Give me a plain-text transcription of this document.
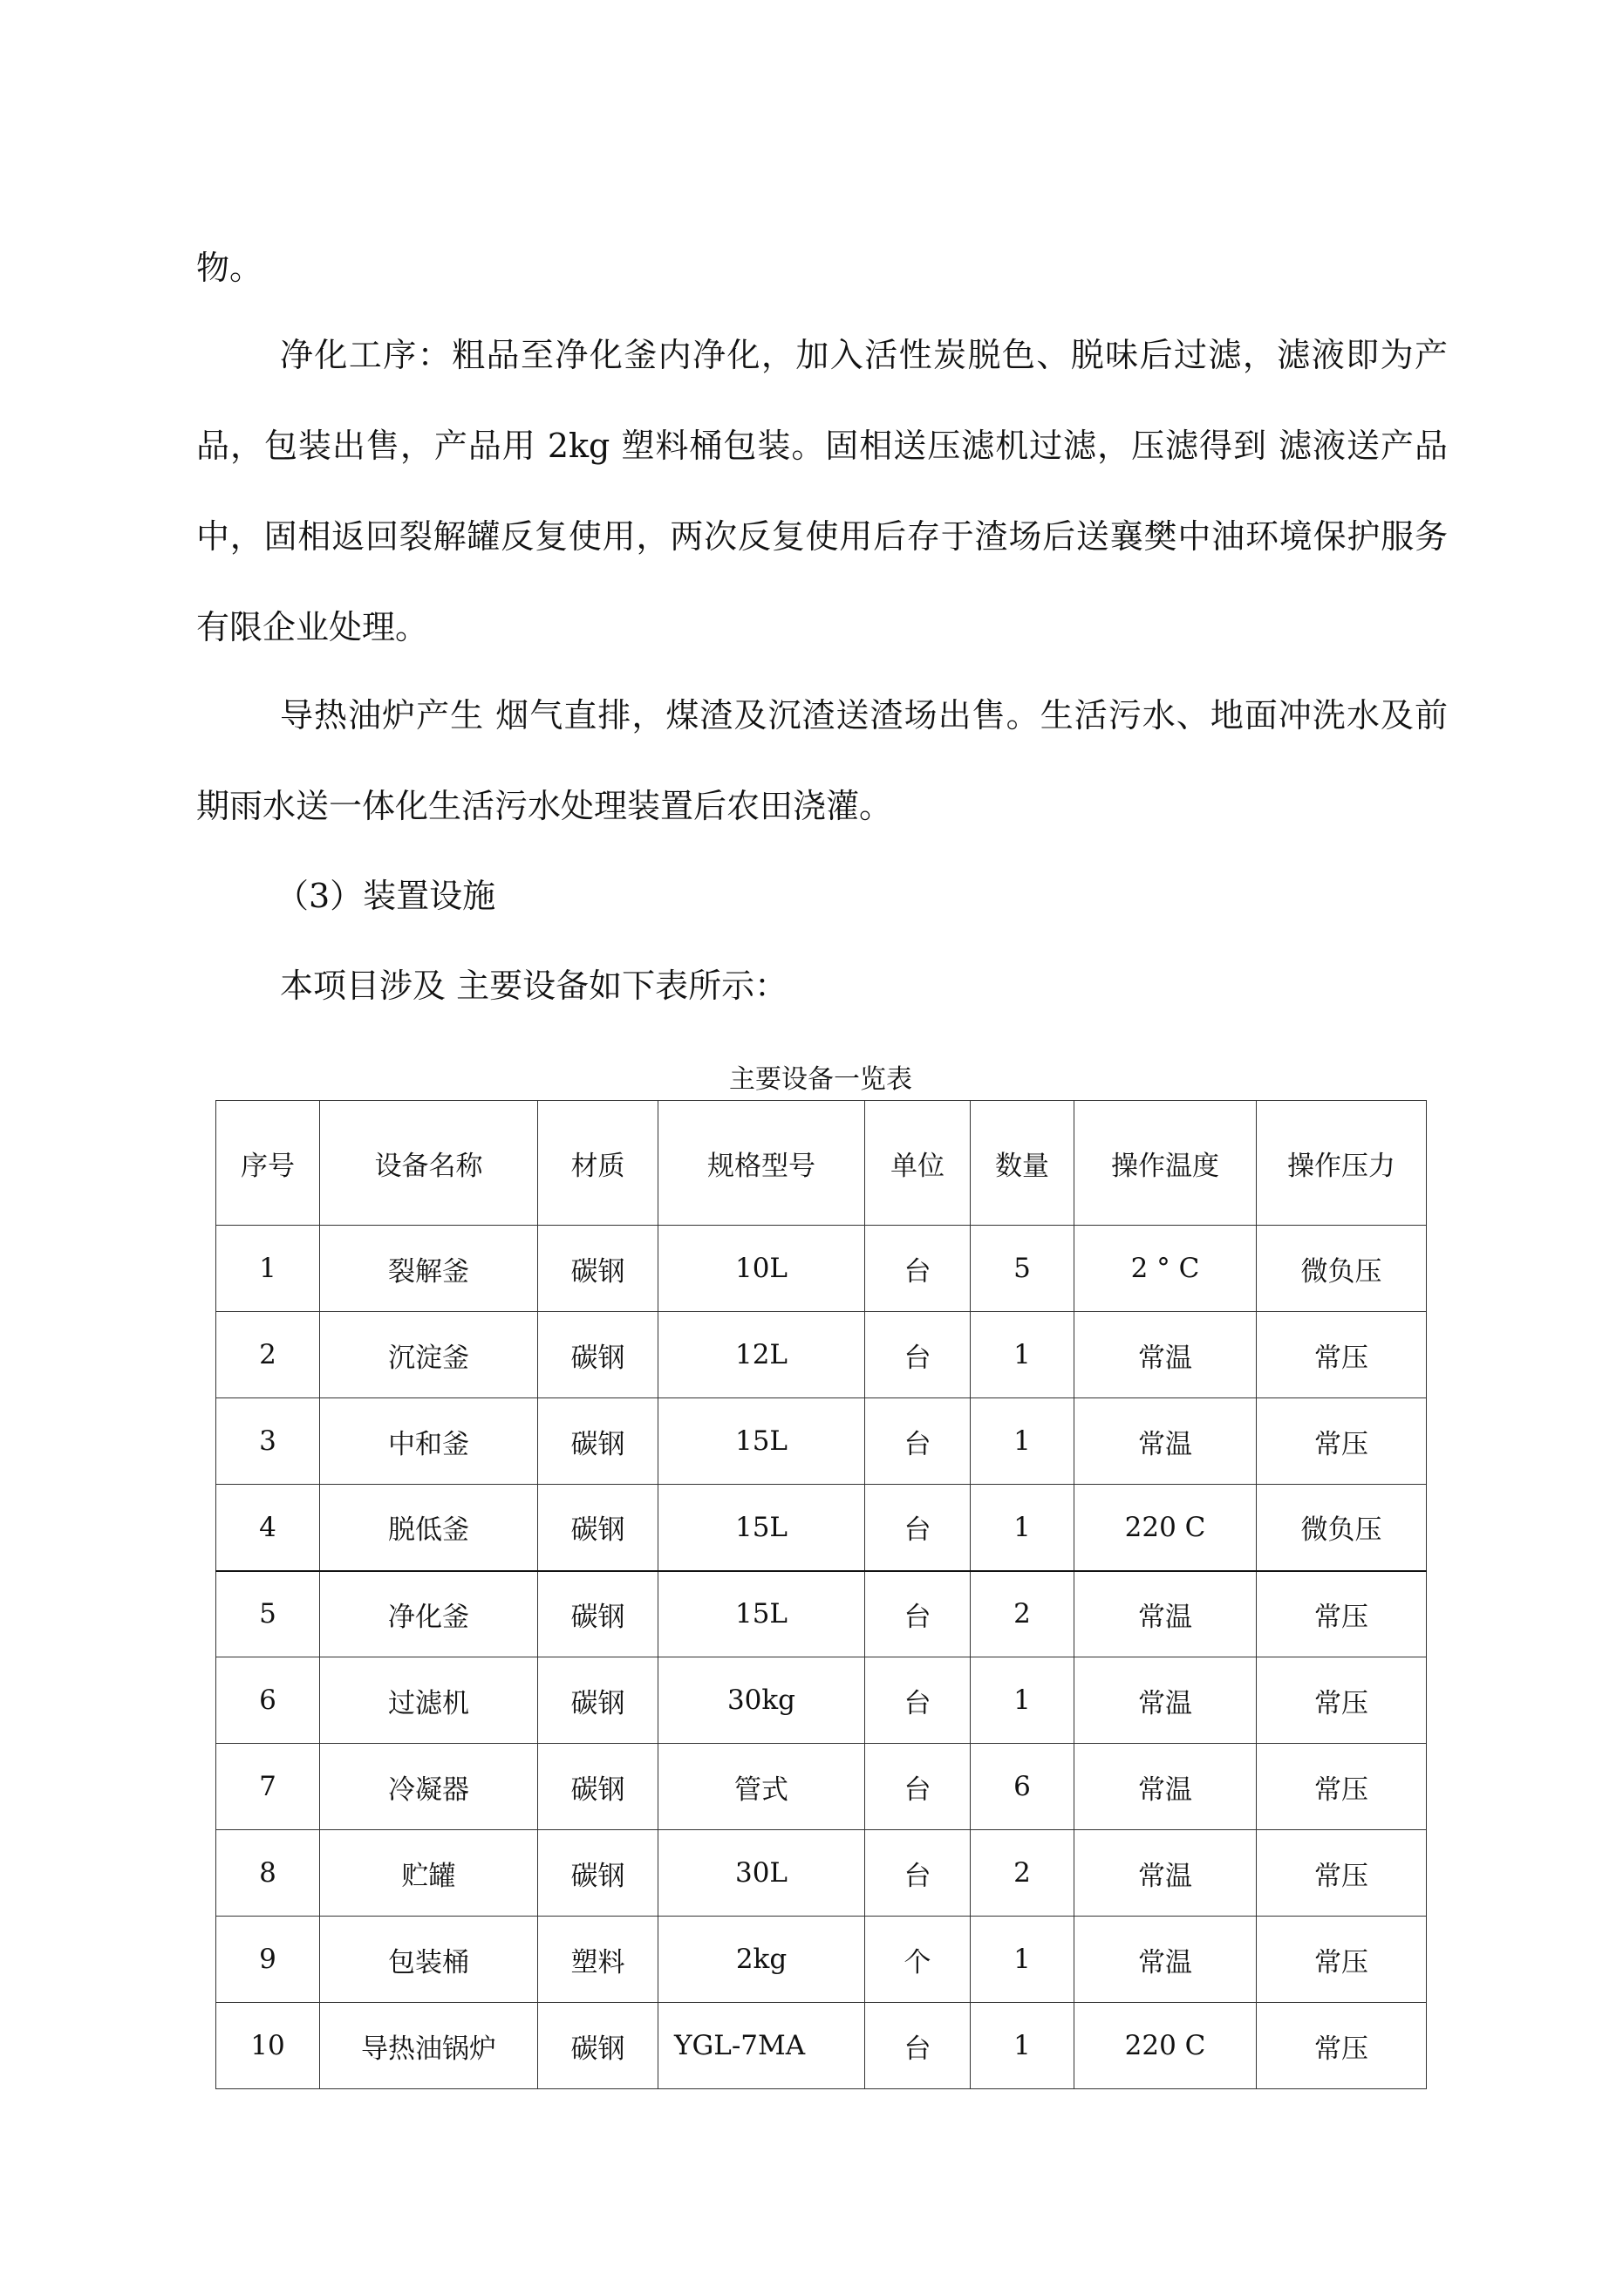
物。

净化工序：粗品至净化釜内净化，加入活性炭脱色、脱味后过滤，滤液即为产品，包装出售，产品用 2kg 塑料桶包装。固相送压滤机过滤，压滤得到 滤液送产品中，固相返回裂解罐反复使用，两次反复使用后存于渣场后送襄樊中油环境保护服务有限企业处理。

导热油炉产生 烟气直排，煤渣及沉渣送渣场出售。生活污水、地面冲洗水及前期雨水送一体化生活污水处理装置后农田浇灌。

（3）装置设施

本项目涉及 主要设备如下表所示：

主要设备一览表
序号	设备名称	材质	规格型号	单位	数量	操作温度	操作压力
1	裂解釜	碳钢	10L	台	5	2 ° C	微负压
2	沉淀釜	碳钢	12L	台	1	常温	常压
3	中和釜	碳钢	15L	台	1	常温	常压
4	脱低釜	碳钢	15L	台	1	220 C	微负压
5	净化釜	碳钢	15L	台	2	常温	常压
6	过滤机	碳钢	30kg	台	1	常温	常压
7	冷凝器	碳钢	管式	台	6	常温	常压
8	贮罐	碳钢	30L	台	2	常温	常压
9	包装桶	塑料	2kg	个	1	常温	常压
10	导热油锅炉	碳钢	YGL-7MA	台	1	220 C	常压
